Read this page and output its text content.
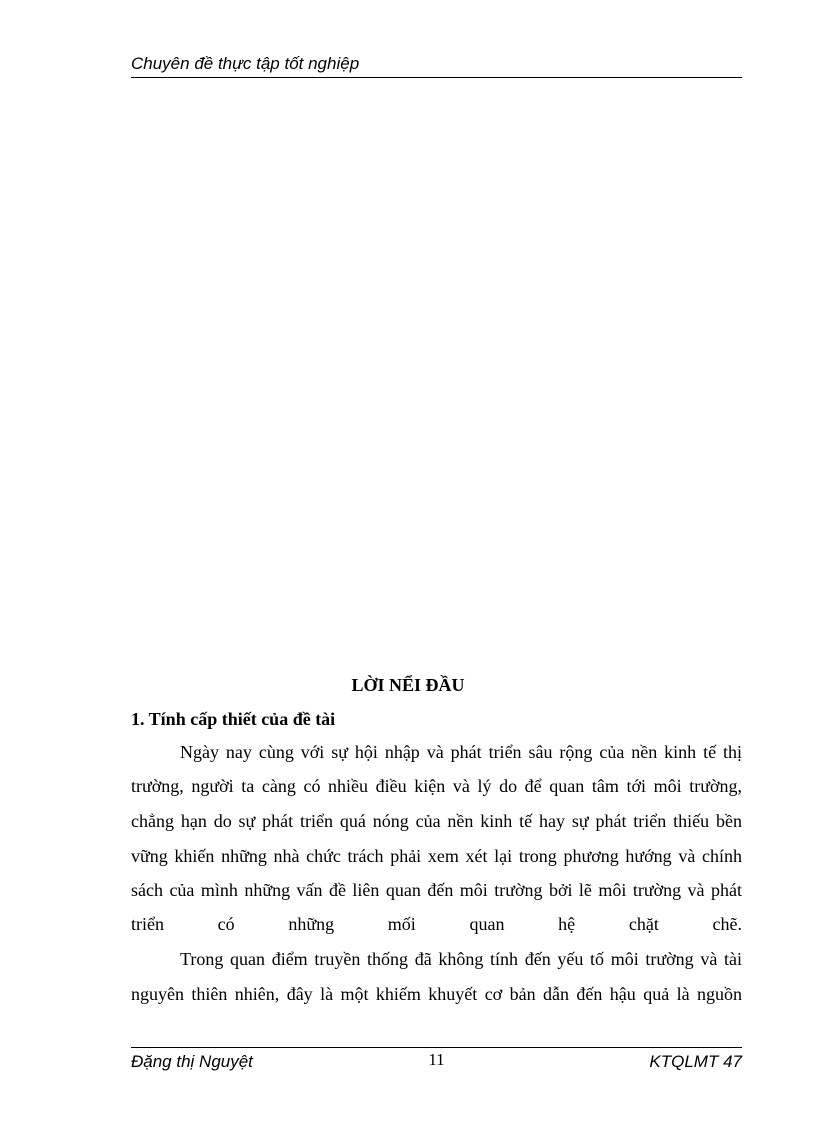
Chuyên đề thực tập tốt nghiệp
LỜI NỂI ĐẦU
1. Tính cấp thiết của đề tài
Ngày nay cùng với sự hội nhập và phát triển sâu rộng của nền kinh tế thị
trường, người ta càng có nhiều điều kiện và lý do để quan tâm tới môi trường,
chẳng hạn do sự phát triển quá nóng của nền kinh tế hay sự phát triển thiếu bền
vững khiến những nhà chức trách phải xem xét lại trong phương hướng và chính
sách của mình những vấn đề liên quan đến môi trường bởi lẽ môi trường và phát
triển có những mối quan hệ chặt chẽ.
Trong quan điểm truyền thống đã không tính đến yếu tố môi trường và tài
nguyên thiên nhiên, đây là một khiếm khuyết cơ bản dẫn đến hậu quả là nguồn
Đặng thị Nguyệt	11	KTQLMT 47
